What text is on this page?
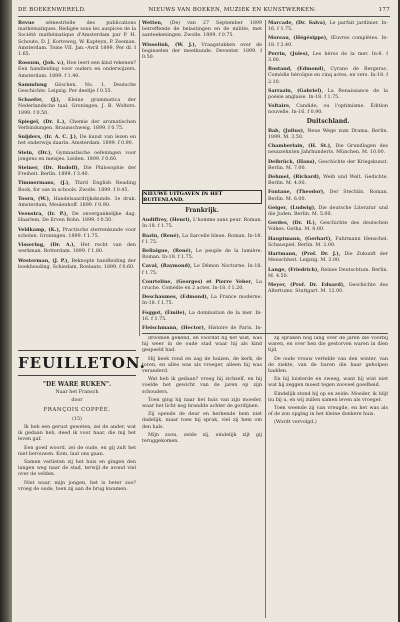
DE BOEKENWERELD.	NIEUWS VAN BOEKEN, MUZIEK EN KUNSTWERKEN.	177

Revue sémestrielle des publications mathématiques. Rédigée sous les auspices de la Société mathématique d'Amsterdam par P. H. Schoute, D. J. Korteweg, W. Kapteyn, P. Zeeman. Amsterdam. Tome VII. Jan.–Avril 1899. Per dl. f 1.65.

Rossum, (Joh. v.), Hoe leert een kind rekenen? Een handleiding voor ouders en onderwijzers. Amsterdam. 1899. f 1.40.

Sammlung Göschen. No. 1. Deutsche Geschichte. Leipzig. Per deeltje f 0.55.

Schaefer, (J.), Kleine grammatica der Nederlandsche taal. Groningen, J. B. Wolters. 1899. f 0.50.

Spiegel, (Dr. L.), Chemie der aromatischen Verbindungen. Braunschweig. 1899. f 0.75.

Snijders, (Ir. A. C. J.), De kunst van lezen en het onderwijs daarin. Amsterdam. 1899. f 0.90.

Stein, (Dr.), Gymnastische oefeningen voor jongens en meisjes. Leiden. 1899. f 0.60.

Steiner, (Dr. Rudolf), Die Philosophie der Freiheit. Berlin. 1899. f 3.40.

Timmermans, (J.), Third English Reading Book, for use in schools. Zwolle. 1899. f 0.45.

Toorn, (W.), Handelsaardrijkskunde. 3e druk. Amsterdam, Meulenhoff. 1899. f 0.90.

Veenstra, (Ir. P.), De onvergankelijke dag. Haarlem, De Erven Bohn. 1899. f 0.50.

Veldkamp, (K.), Practische sterrenkunde voor scholen. Groningen. 1899. f 1.75.

Vissering, (Dr. A.), Het recht van den werkman. Rotterdam. 1899. f 1.80.

Westerman, (J. P.), Beknopte handleiding der boekhouding. Schiedam, Roelants. 1899. f 0.60.

Wetten, (De) van 27 September 1899 betreffende de belastingen en de militie, met aanteekeningen. Zwolle. 1899. f 0.75.

Wisselink, (W. J.), Vraagstukken over de beginselen der meetkunde. Deventer. 1899. f 0.50.

NIEUWE UITGAVEN IN HET BUITENLAND.
Frankrijk.

Audiffrey, (Henri), L'homme sans peur. Roman. In-18. f 1.75.

Bazin, (René), La Sarcelle bleue. Roman. In-18. f 1.75.

Bellaigue, (René), Le peuple de la lumière. Roman. In-18. f 1.75.

Caval, (Raymond), Le Démon Nocturne. In-18. f 1.75.

Courteline, (Georges) et Pierre Veber, La cruche. Comédie en 2 actes. In-18. f 1.20.

Deschaumes, (Edmond), La France moderne. In-18. f 1.75.

Foggot, (Émile), La domination de la mer. In-16. f 1.75.

Fleischmann, (Hector), Histoire de Paris. In-

Marcade, (Dr. Salva), Le parfait jardinier. In-16. f 1.75.

Moreau, (Hégésippe), Œuvres complètes. In-18. f 2.40.

Perrin, (Jules), Les héros de la mer. In-8. f 3.00.

Rostand, (Edmond), Cyrano de Bergerac. Comédie héroïque en cinq actes, en vers. In-18. f 2.10.

Sarrazin, (Gabriel), La Renaissance de la poésie anglaise. In-18. f 1.75.

Voltaire, Candide, ou l'optimisme. Édition nouvelle. In-16. f 0.90.

Duitschland.

Bab, (Julius), Neue Wege zum Drama. Berlin. 1899. M. 3.50.

Chamberlain, (H. St.), Die Grundlagen des neunzehnten Jahrhunderts. München. M. 10.00.

Delbrück, (Hans), Geschichte der Kriegskunst. Berlin. M. 7.00.

Dehmel, (Richard), Weib und Welt. Gedichte. Berlin. M. 4.00.

Fontane, (Theodor), Der Stechlin. Roman. Berlin. M. 6.00.

Geiger, (Ludwig), Die deutsche Literatur und die Juden. Berlin. M. 5.00.

Gerdes, (Dr. H.), Geschichte des deutschen Volkes. Gotha. M. 8.00.

Hauptmann, (Gerhart), Fuhrmann Henschel. Schauspiel. Berlin. M. 2.00.

Hartmann, (Prof. Dr. J.), Die Zukunft der Menschheit. Leipzig. M. 3.00.

Lange, (Friedrich), Reines Deutschtum. Berlin. M. 4.50.

Meyer, (Prof. Dr. Eduard), Geschichte des Altertums. Stuttgart. M. 12.00.

FEUILLETON.
"DE WARE RUKEN".
Naar het Fransch
door
FRANÇOIS COPPÉE.
(15)

Ik heb een gerust geweten, zei de ander, wat ik gedaan heb, deed ik voor haar, die mij het leven gaf.

Een goed woord, zei de oude, en gij zult het niet berouwen. Kom, laat ons gaan.

Samen verlieten zij het huis en gingen den langen weg naar de stad, terwijl de avond viel over de velden.

Niet waar, mijn jongen, het is beter zoo? vroeg de oude, toen zij aan de brug kwamen.

droomen gekend, en voordat hij het wist, was hij weer in de oude stad waar hij als kind gespeeld had.

Hij keek rond en zag de huizen, de kerk, de toren, en alles was als vroeger, alleen hij was veranderd.

Wat heb ik gedaan? vroeg hij zichzelf, en hij voelde het gewicht van de jaren op zijn schouders.

Toen ging hij naar het huis van zijn moeder, waar het licht nog brandde achter de gordijnen.

Zij opende de deur en herkende hem niet dadelijk, maar toen hij sprak, viel zij hem om den hals.

Mijn zoon, zeide zij, eindelijk zijt gij teruggekomen.

zij spraken nog lang over de jaren die voorbij waren, en over hen die gestorven waren in dien tijd.

De oude vrouw vertelde van den winter, van de ziekte, van de buren die haar geholpen hadden.

En hij luisterde en zweeg, want hij wist niet wat hij zeggen moest tegen zooveel goedheid.

Eindelijk stond hij op en zeide: Moeder, ik blijf nu bij u, en wij zullen samen leven als vroeger.

Toen weende zij van vreugde, en het was als of de zon opging in het kleine donkere huis.

(Wordt vervolgd.)
